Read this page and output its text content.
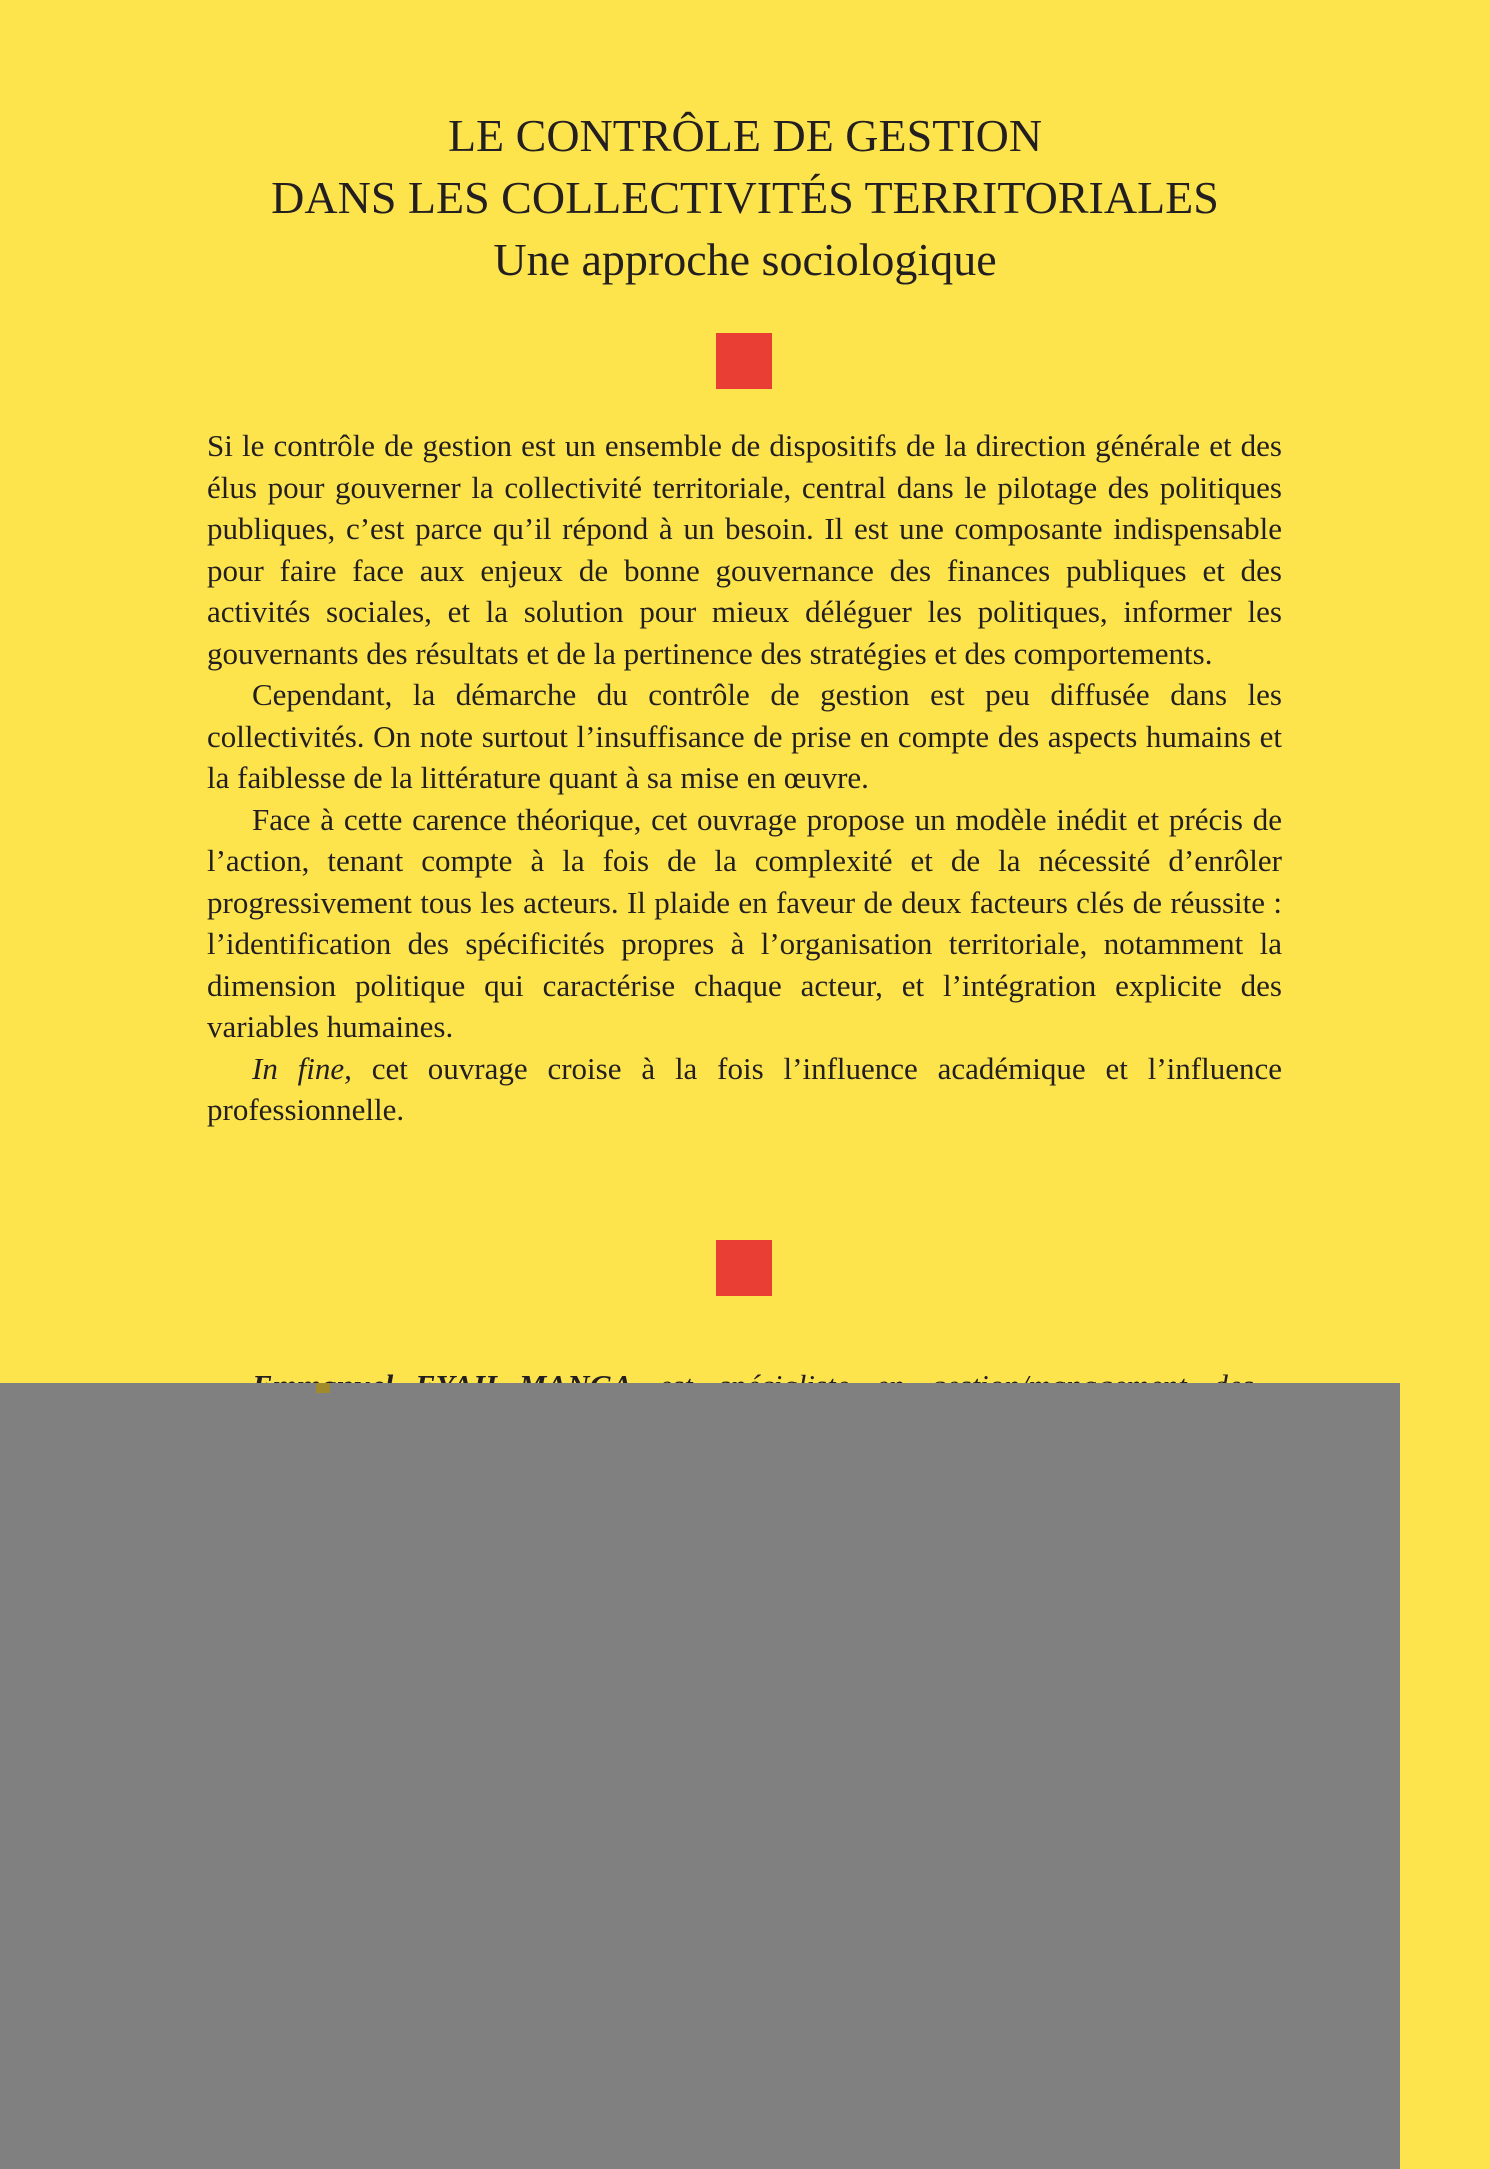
LE CONTRÔLE DE GESTION
DANS LES COLLECTIVITÉS TERRITORIALES
Une approche sociologique

Si le contrôle de gestion est un ensemble de dispositifs de la direction générale et des élus pour gouverner la collectivité territoriale, central dans le pilotage des politiques publiques, c’est parce qu’il répond à un besoin. Il est une composante indispensable pour faire face aux enjeux de bonne gouvernance des finances publiques et des activités sociales, et la solution pour mieux déléguer les politiques, informer les gouvernants des résultats et de la pertinence des stratégies et des comportements.

Cependant, la démarche du contrôle de gestion est peu diffusée dans les collectivités. On note surtout l’insuffisance de prise en compte des aspects humains et la faiblesse de la littérature quant à sa mise en œuvre.

Face à cette carence théorique, cet ouvrage propose un modèle inédit et précis de l’action, tenant compte à la fois de la complexité et de la nécessité d’enrôler progressivement tous les acteurs. Il plaide en faveur de deux facteurs clés de réussite : l’identification des spécificités propres à l’organisation territoriale, notamment la dimension politique qui caractérise chaque acteur, et l’intégration explicite des variables humaines.

In fine, cet ouvrage croise à la fois l’influence académique et l’influence professionnelle.
